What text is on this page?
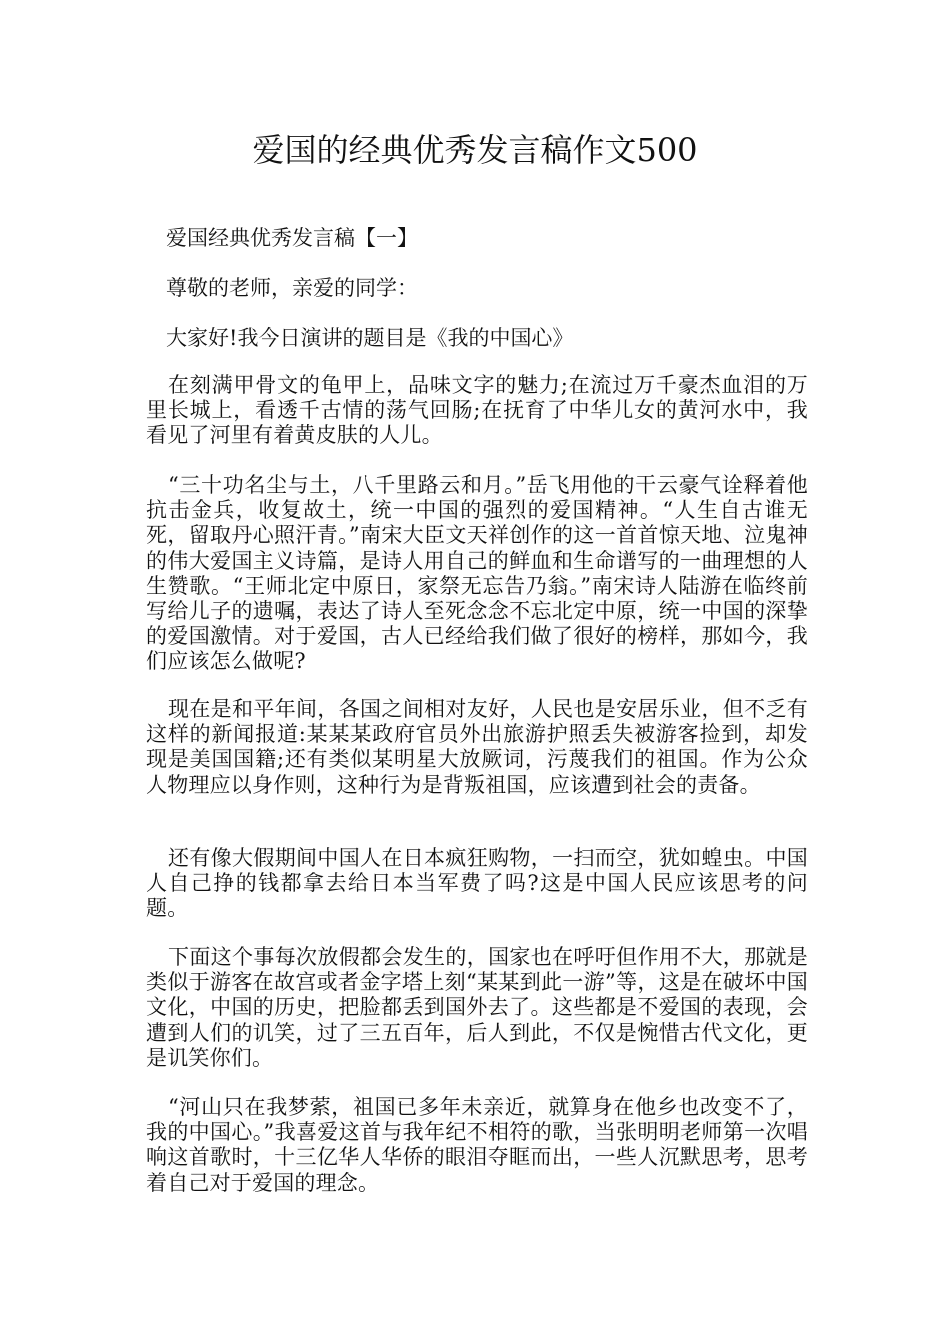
爱国的经典优秀发言稿作文500

爱国经典优秀发言稿【一】

尊敬的老师，亲爱的同学：

大家好!我今日演讲的题目是《我的中国心》

在刻满甲骨文的龟甲上，品味文字的魅力;在流过万千豪杰血泪的万里长城上，看透千古情的荡气回肠;在抚育了中华儿女的黄河水中，我看见了河里有着黄皮肤的人儿。

“三十功名尘与土，八千里路云和月。”岳飞用他的干云豪气诠释着他抗击金兵，收复故土，统一中国的强烈的爱国精神。“人生自古谁无死，留取丹心照汗青。”南宋大臣文天祥创作的这一首首惊天地、泣鬼神的伟大爱国主义诗篇，是诗人用自己的鲜血和生命谱写的一曲理想的人生赞歌。“王师北定中原日，家祭无忘告乃翁。”南宋诗人陆游在临终前写给儿子的遗嘱，表达了诗人至死念念不忘北定中原，统一中国的深挚的爱国激情。对于爱国，古人已经给我们做了很好的榜样，那如今，我们应该怎么做呢?

现在是和平年间，各国之间相对友好，人民也是安居乐业，但不乏有这样的新闻报道:某某某政府官员外出旅游护照丢失被游客捡到，却发现是美国国籍;还有类似某明星大放厥词，污蔑我们的祖国。作为公众人物理应以身作则，这种行为是背叛祖国，应该遭到社会的责备。

还有像大假期间中国人在日本疯狂购物，一扫而空，犹如蝗虫。中国人自己挣的钱都拿去给日本当军费了吗?这是中国人民应该思考的问题。

下面这个事每次放假都会发生的，国家也在呼吁但作用不大，那就是类似于游客在故宫或者金字塔上刻“某某到此一游”等，这是在破坏中国文化，中国的历史，把脸都丢到国外去了。这些都是不爱国的表现，会遭到人们的讥笑，过了三五百年，后人到此，不仅是惋惜古代文化，更是讥笑你们。

“河山只在我梦萦，祖国已多年未亲近，就算身在他乡也改变不了，我的中国心。”我喜爱这首与我年纪不相符的歌，当张明明老师第一次唱响这首歌时，十三亿华人华侨的眼泪夺眶而出，一些人沉默思考，思考着自己对于爱国的理念。
